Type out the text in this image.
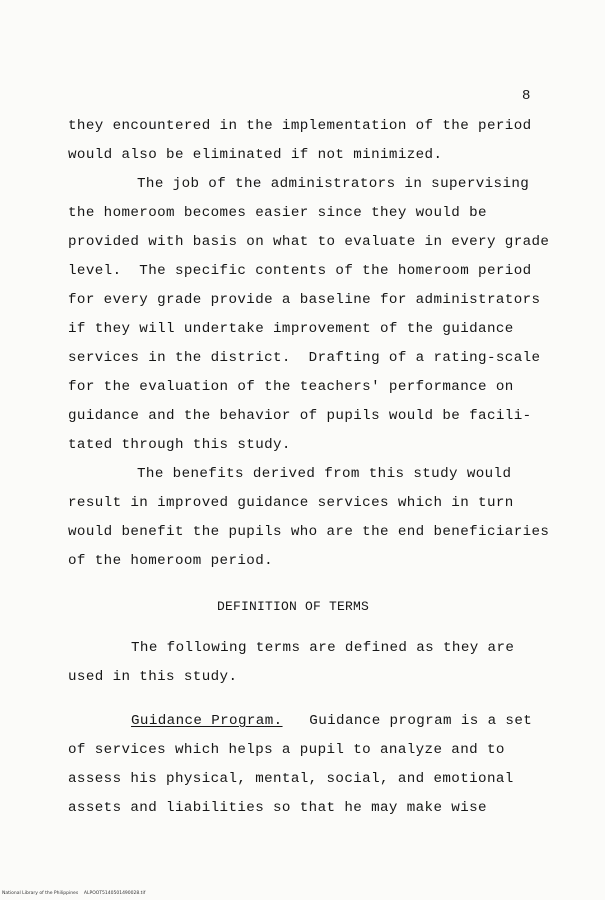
8
they encountered in the implementation of the period
would also be eliminated if not minimized.
The job of the administrators in supervising
the homeroom becomes easier since they would be
provided with basis on what to evaluate in every grade
level.  The specific contents of the homeroom period
for every grade provide a baseline for administrators
if they will undertake improvement of the guidance
services in the district.  Drafting of a rating-scale
for the evaluation of the teachers' performance on
guidance and the behavior of pupils would be facili-
tated through this study.
The benefits derived from this study would
result in improved guidance services which in turn
would benefit the pupils who are the end beneficiaries
of the homeroom period.
DEFINITION OF TERMS
The following terms are defined as they are
used in this study.
Guidance Program. Guidance program is a set
of services which helps a pupil to analyze and to
assess his physical, mental, social, and emotional
assets and liabilities so that he may make wise
National Library of the Philippines    ALPOOT5140501490028.tif
